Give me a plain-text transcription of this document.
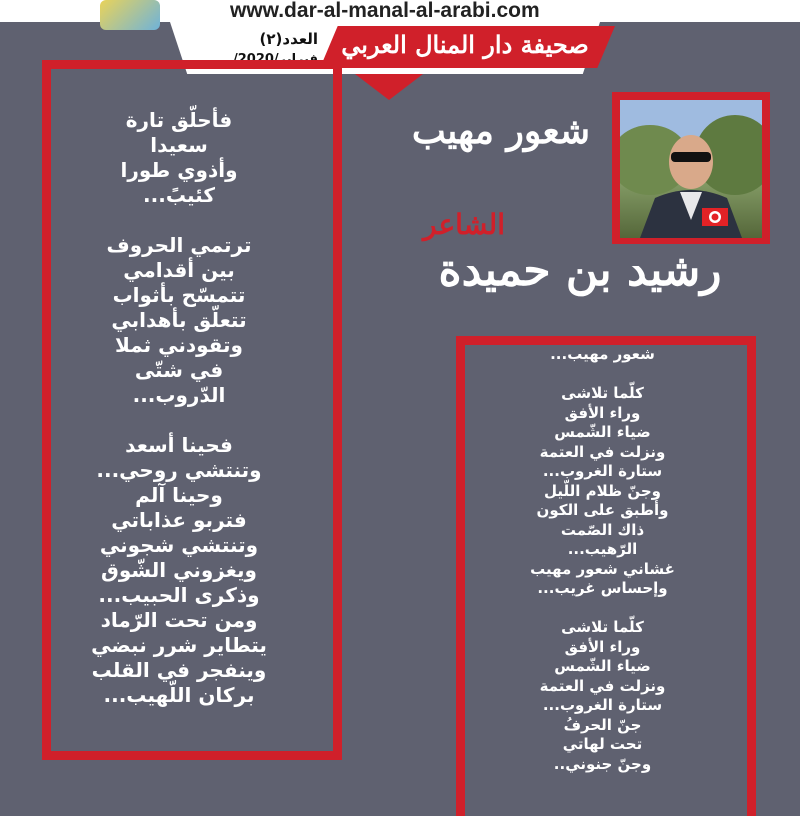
www.dar-al-manal-al-arabi.com
صحيفة دار المنال العربي
العدد(٢)
فبراير/2020/
فأحلّق تارة
سعيدا
وأذوي طورا
كئيبً...
ترتمي الحروف
بين أقدامي
تتمسّح بأثواب
تتعلّق بأهدابي
وتقودني ثملا
في شتّى
الدّروب...
فحينا أسعد
وتنتشي روحي...
وحينا آلم
فتربو عذاباتي
وتنتشي شجوني
ويغزوني الشّوق
وذكرى الحبيب...
ومن تحت الرّماد
يتطاير شرر نبضي
وينفجر في القلب
بركان اللّهيب...
شعور مهيب
الشاعر
رشيد بن حميدة
شعور مهيب...
كلّما تلاشى
وراء الأفق
ضياء الشّمس
ونزلت في العتمة
ستارة الغروب...
وجنّ ظلام اللّيل
وأطبق على الكون
ذاك الصّمت
الرّهيب...
غشاني شعور مهيب
وإحساس غريب...
كلّما تلاشى
وراء الأفق
ضياء الشّمس
ونزلت في العتمة
ستارة الغروب...
جنّ الحرفُ
تحت لهاتي
وجنّ جنوني..
